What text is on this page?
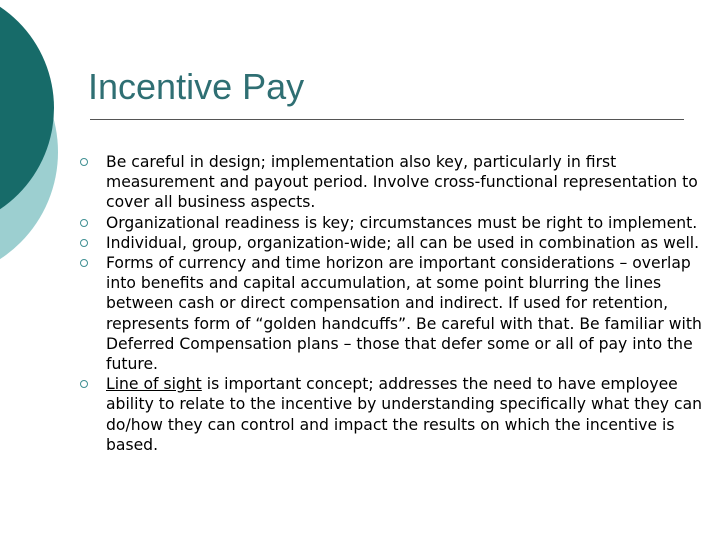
Incentive Pay
Be careful in design; implementation also key, particularly in first measurement and payout period. Involve cross-functional representation to cover all business aspects.
Organizational readiness is key; circumstances must be right to implement.
Individual, group, organization-wide; all can be used in combination as well.
Forms of currency and time horizon are important considerations – overlap into benefits and capital accumulation, at some point blurring the lines between cash or direct compensation and indirect. If used for retention, represents form of “golden handcuffs”. Be careful with that. Be familiar with Deferred Compensation plans – those that defer some or all of pay into the future.
Line of sight is important concept; addresses the need to have employee ability to relate to the incentive by understanding specifically what they can do/how they can control and impact the results on which the incentive is based.
